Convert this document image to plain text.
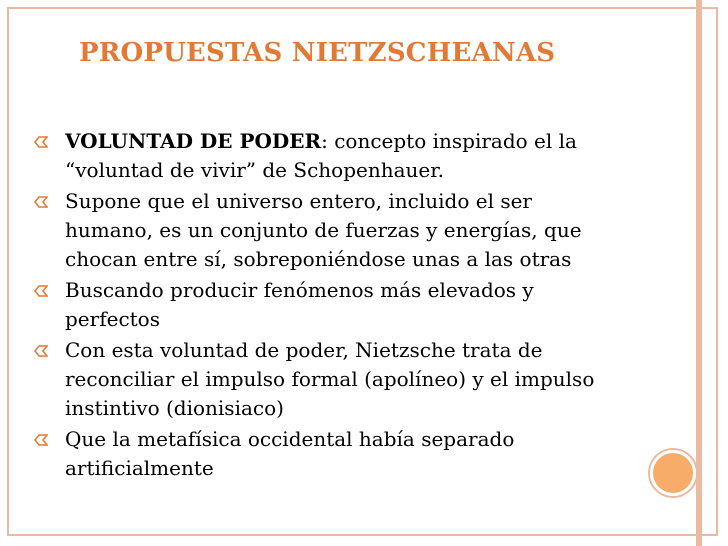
PROPUESTAS NIETZSCHEANAS
VOLUNTAD DE PODER: concepto inspirado el la “voluntad de vivir” de Schopenhauer.
Supone que el universo entero, incluido el ser humano, es un conjunto de fuerzas y energías, que chocan entre sí, sobreponiéndose unas a las otras
Buscando producir fenómenos más elevados y perfectos
Con esta voluntad de poder, Nietzsche trata de reconciliar el impulso formal (apolíneo) y el impulso instintivo (dionisiaco)
Que la metafísica occidental había separado artificialmente
